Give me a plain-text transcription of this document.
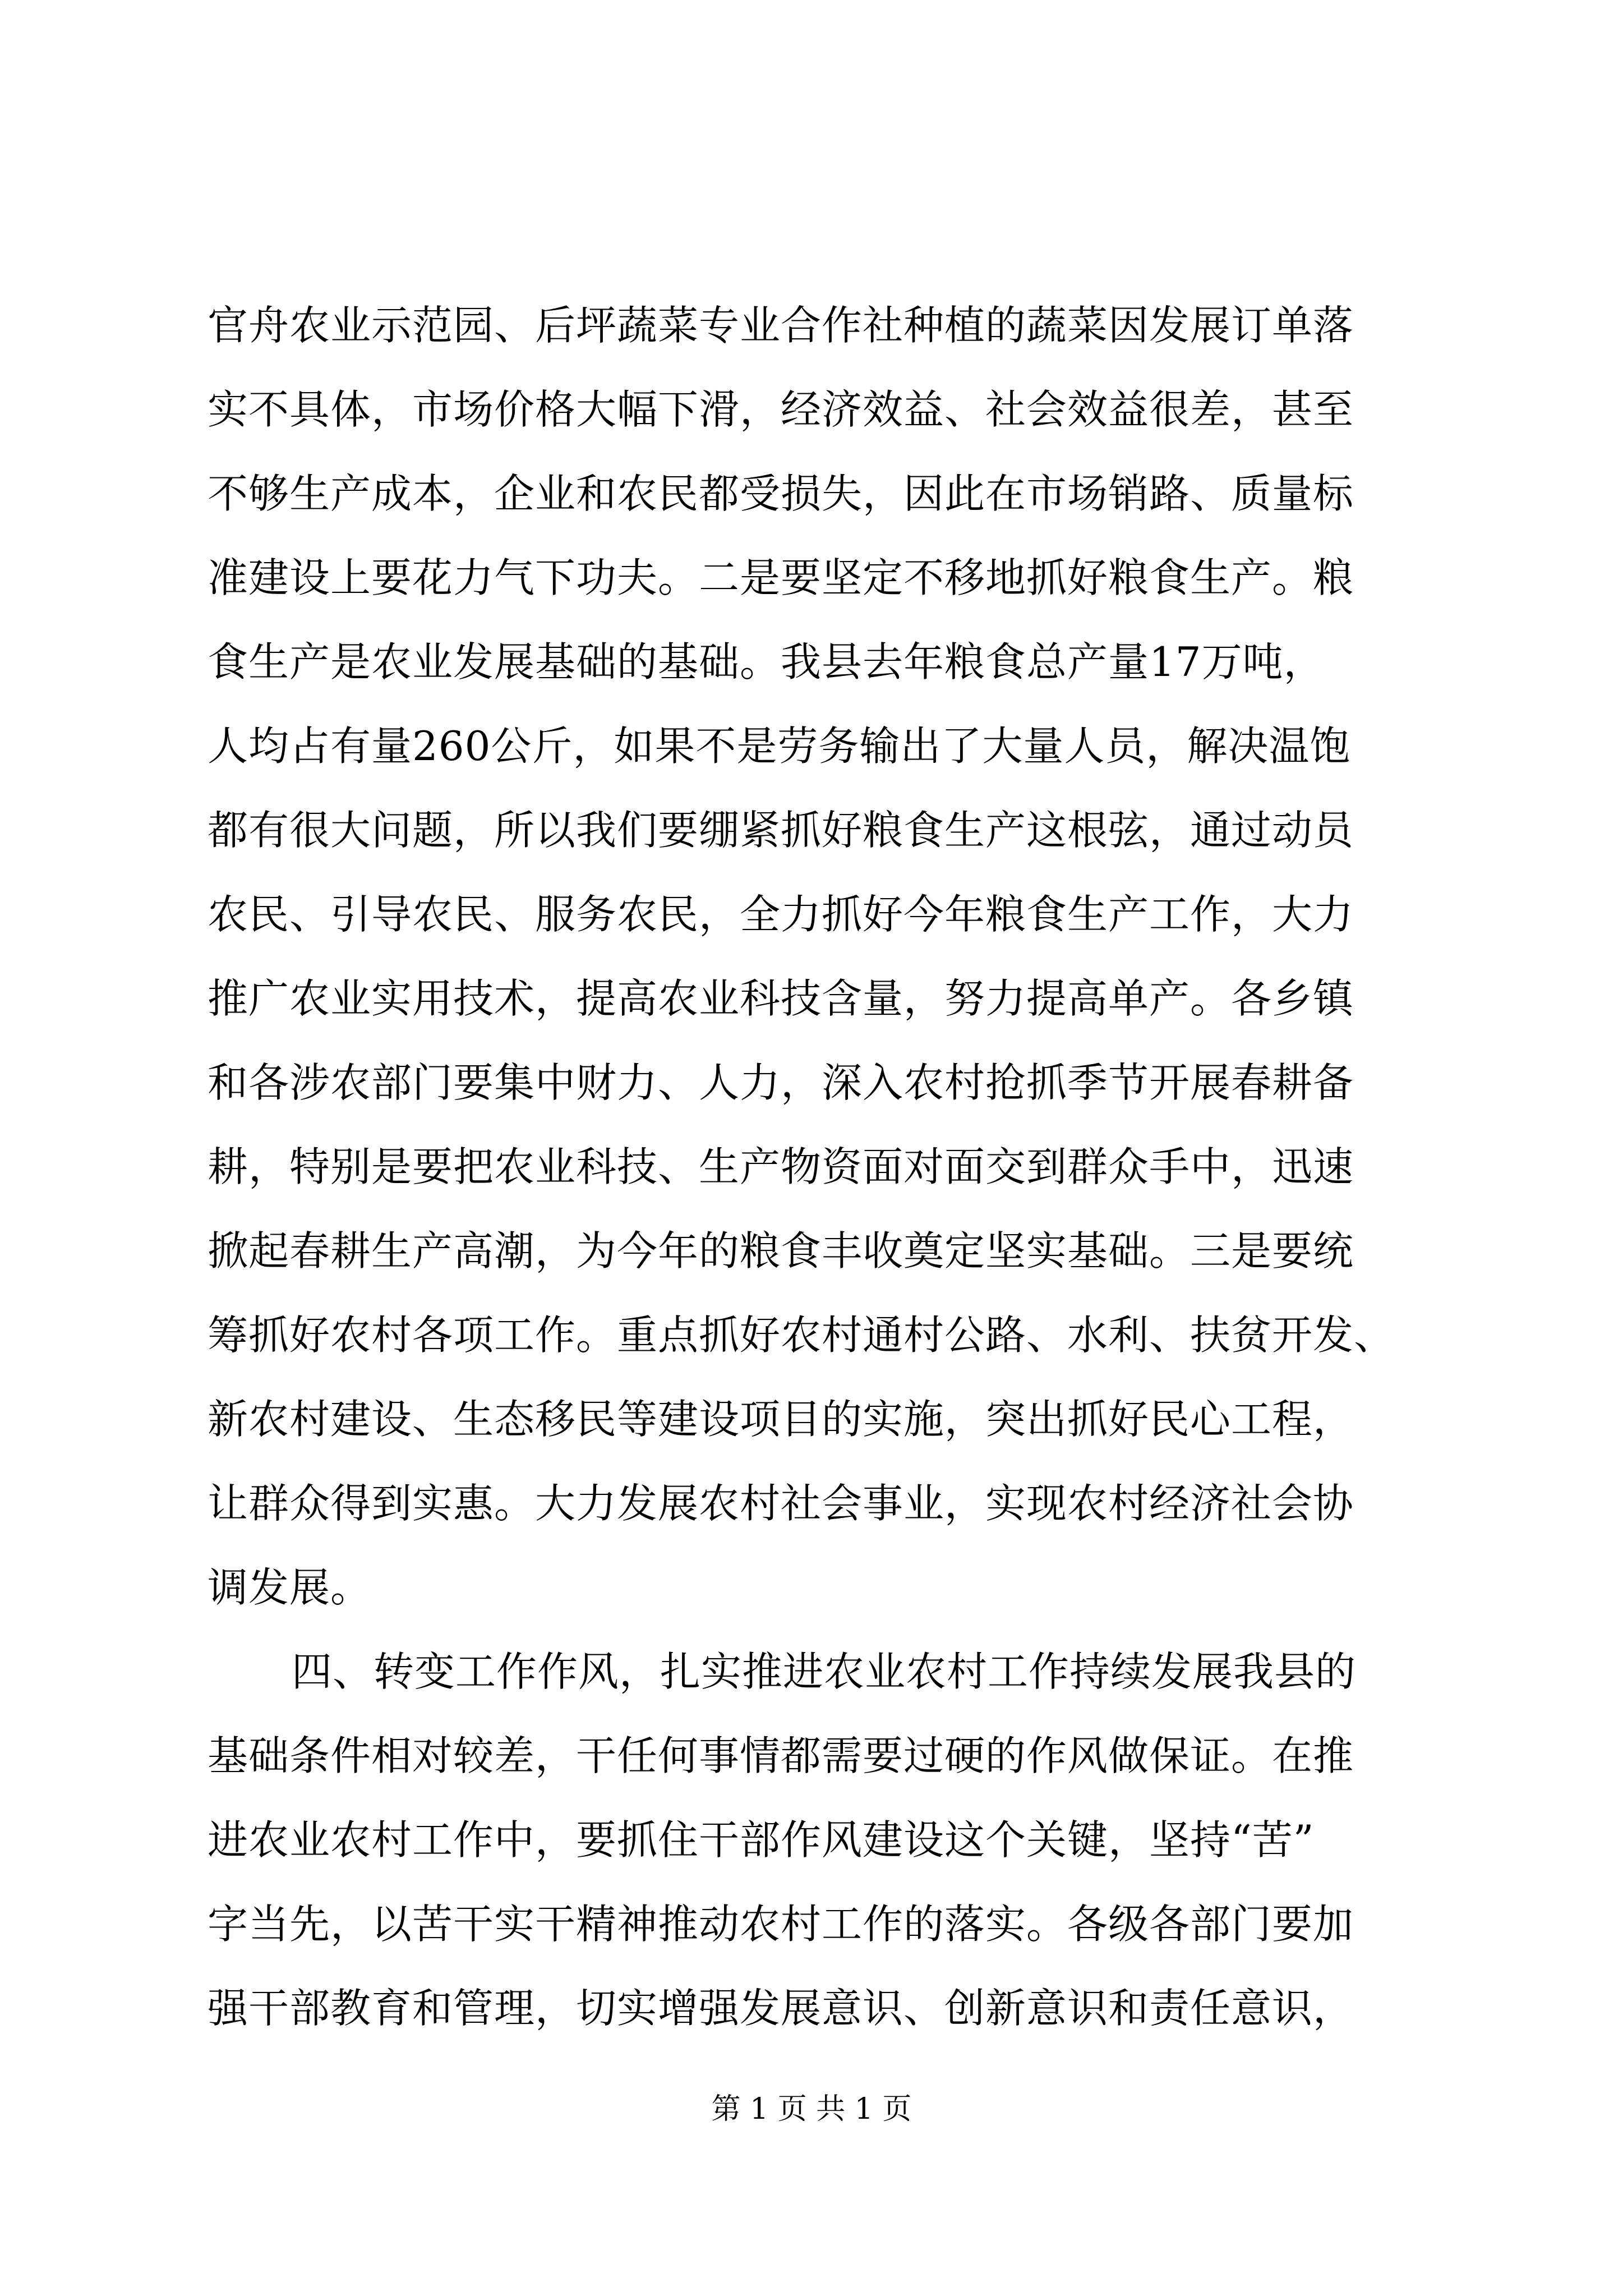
官舟农业示范园、后坪蔬菜专业合作社种植的蔬菜因发展订单落
实不具体，市场价格大幅下滑，经济效益、社会效益很差，甚至
不够生产成本，企业和农民都受损失，因此在市场销路、质量标
准建设上要花力气下功夫。二是要坚定不移地抓好粮食生产。粮
食生产是农业发展基础的基础。我县去年粮食总产量17万吨，
人均占有量260公斤，如果不是劳务输出了大量人员，解决温饱
都有很大问题，所以我们要绷紧抓好粮食生产这根弦，通过动员
农民、引导农民、服务农民，全力抓好今年粮食生产工作，大力
推广农业实用技术，提高农业科技含量，努力提高单产。各乡镇
和各涉农部门要集中财力、人力，深入农村抢抓季节开展春耕备
耕，特别是要把农业科技、生产物资面对面交到群众手中，迅速
掀起春耕生产高潮，为今年的粮食丰收奠定坚实基础。三是要统
筹抓好农村各项工作。重点抓好农村通村公路、水利、扶贫开发、
新农村建设、生态移民等建设项目的实施，突出抓好民心工程，
让群众得到实惠。大力发展农村社会事业，实现农村经济社会协
调发展。
四、转变工作作风，扎实推进农业农村工作持续发展我县的
基础条件相对较差，干任何事情都需要过硬的作风做保证。在推
进农业农村工作中，要抓住干部作风建设这个关键，坚持“苦”
字当先，以苦干实干精神推动农村工作的落实。各级各部门要加
强干部教育和管理，切实增强发展意识、创新意识和责任意识，
第 1 页 共 1 页
